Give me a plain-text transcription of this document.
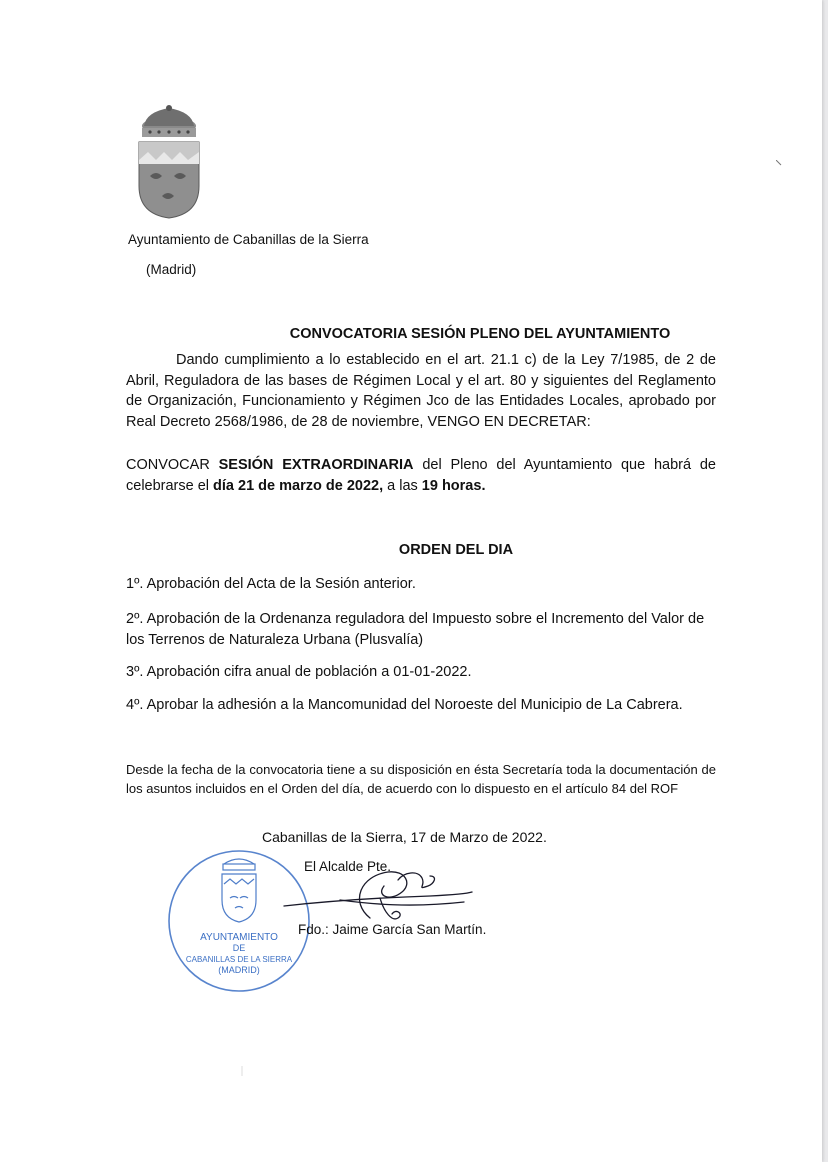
Ayuntamiento de Cabanillas de la Sierra
(Madrid)
CONVOCATORIA SESIÓN PLENO DEL AYUNTAMIENTO

Dando cumplimiento a lo establecido en el art. 21.1 c) de la Ley 7/1985, de 2 de Abril, Reguladora de las bases de Régimen Local y el art. 80 y siguientes del Reglamento de Organización, Funcionamiento y Régimen Jco de las Entidades Locales, aprobado por Real Decreto 2568/1986, de 28 de noviembre, VENGO EN DECRETAR:

CONVOCAR SESIÓN EXTRAORDINARIA del Pleno del Ayuntamiento que habrá de celebrarse el día 21 de marzo de 2022, a las 19 horas.

ORDEN DEL DIA
1º. Aprobación del Acta de la Sesión anterior.
2º. Aprobación de la Ordenanza reguladora del Impuesto sobre el Incremento del Valor de los Terrenos de Naturaleza Urbana (Plusvalía)
3º. Aprobación cifra anual de población a 01-01-2022.
4º. Aprobar la adhesión a la Mancomunidad del Noroeste del Municipio de La Cabrera.
Desde la fecha de la convocatoria tiene a su disposición en ésta Secretaría toda la documentación de los asuntos incluidos en el Orden del día, de acuerdo con lo dispuesto en el artículo 84 del ROF
Cabanillas de la Sierra, 17 de Marzo de 2022.
AYUNTAMIENTO
DE
CABANILLAS DE LA SIERRA
(MADRID)
El Alcalde Pte.
Fdo.: Jaime García San Martín.
